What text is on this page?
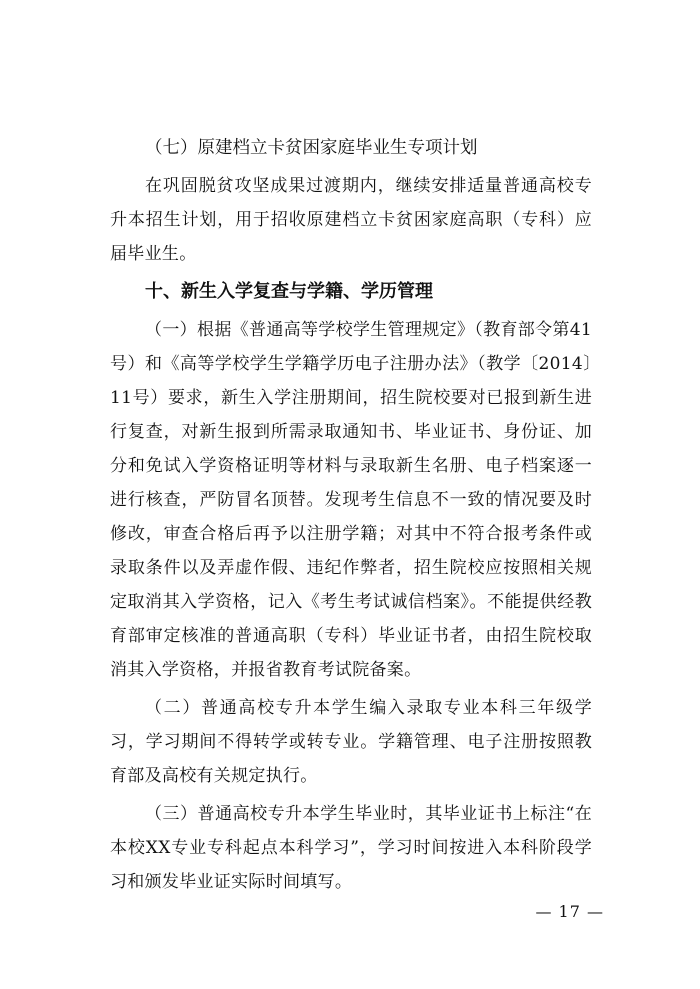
（七）原建档立卡贫困家庭毕业生专项计划

在巩固脱贫攻坚成果过渡期内，继续安排适量普通高校专升本招生计划，用于招收原建档立卡贫困家庭高职（专科）应届毕业生。

十、新生入学复查与学籍、学历管理

（一）根据《普通高等学校学生管理规定》（教育部令第41号）和《高等学校学生学籍学历电子注册办法》（教学〔2014〕11号）要求，新生入学注册期间，招生院校要对已报到新生进行复查，对新生报到所需录取通知书、毕业证书、身份证、加分和免试入学资格证明等材料与录取新生名册、电子档案逐一进行核查，严防冒名顶替。发现考生信息不一致的情况要及时修改，审查合格后再予以注册学籍；对其中不符合报考条件或录取条件以及弄虚作假、违纪作弊者，招生院校应按照相关规定取消其入学资格，记入《考生考试诚信档案》。不能提供经教育部审定核准的普通高职（专科）毕业证书者，由招生院校取消其入学资格，并报省教育考试院备案。

（二）普通高校专升本学生编入录取专业本科三年级学习，学习期间不得转学或转专业。学籍管理、电子注册按照教育部及高校有关规定执行。

（三）普通高校专升本学生毕业时，其毕业证书上标注“在本校XX专业专科起点本科学习”，学习时间按进入本科阶段学习和颁发毕业证实际时间填写。

— 17 —
